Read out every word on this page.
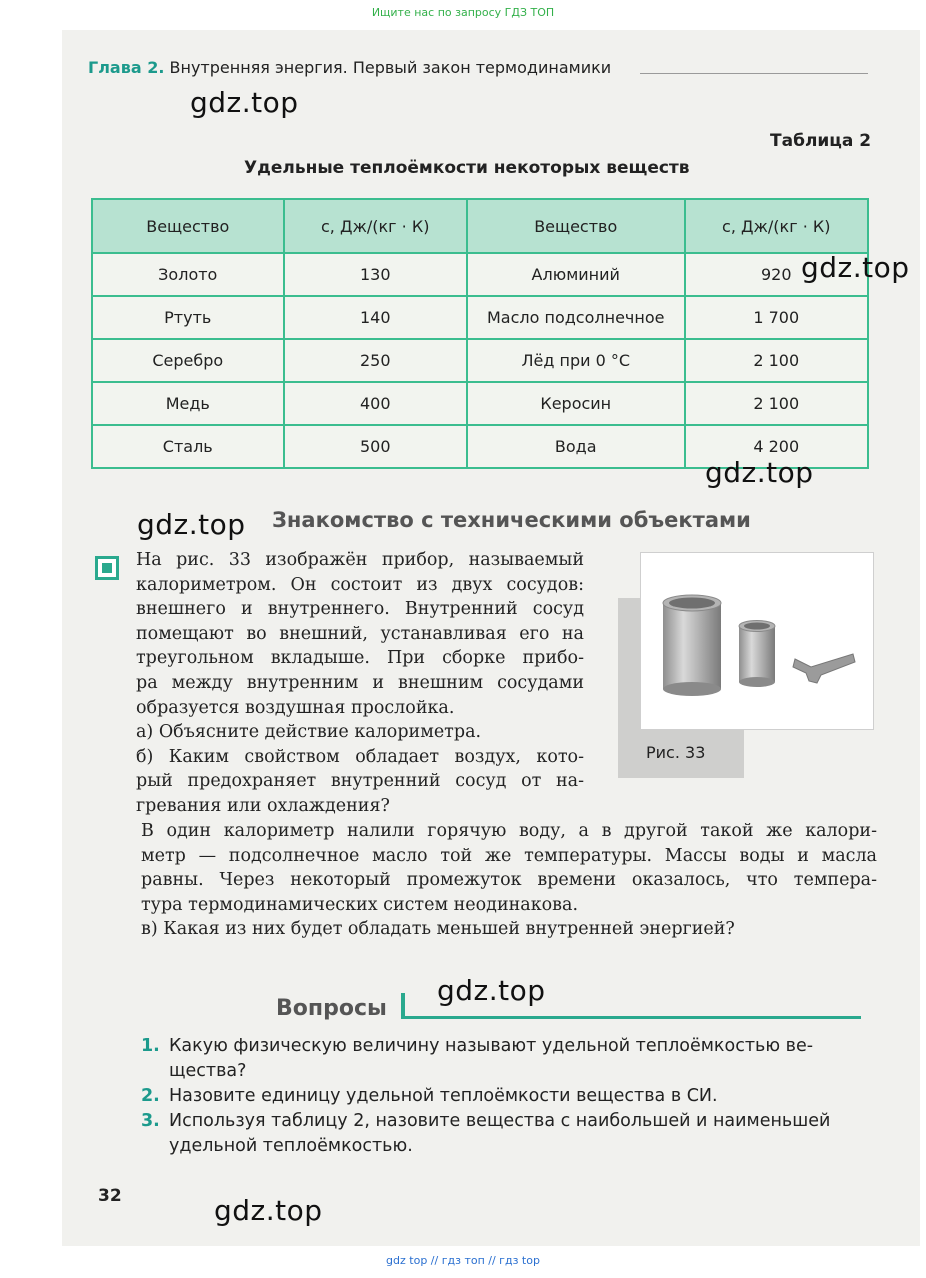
Ищите нас по запросу ГДЗ ТОП
Глава 2. Внутренняя энергия. Первый закон термодинамики
gdz.top
Таблица 2
Удельные теплоёмкости некоторых веществ
Вещество	c, Дж/(кг · К)	Вещество	c, Дж/(кг · К)
Золото	130	Алюминий	920
Ртуть	140	Масло подсолнечное	1 700
Серебро	250	Лёд при 0 °С	2 100
Медь	400	Керосин	2 100
Сталь	500	Вода	4 200
gdz.top
gdz.top
gdz.top Знакомство с техническими объектами
На рис. 33 изображён прибор, называемый
калориметром. Он состоит из двух сосудов:
внешнего и внутреннего. Внутренний сосуд
помещают во внешний, устанавливая его на
треугольном вкладыше. При сборке прибо-
ра между внутренним и внешним сосудами
образуется воздушная прослойка.
а) Объясните действие калориметра.
б) Каким свойством обладает воздух, кото-
рый предохраняет внутренний сосуд от на-
гревания или охлаждения?
Рис. 33
В один калориметр налили горячую воду, а в другой такой же калори-
метр — подсолнечное масло той же температуры. Массы воды и масла
равны. Через некоторый промежуток времени оказалось, что темпера-
тура термодинамических систем неодинакова.
в) Какая из них будет обладать меньшей внутренней энергией?
gdz.top
Вопросы
1. Какую физическую величину называют удельной теплоёмкостью ве-щества?
2. Назовите единицу удельной теплоёмкости вещества в СИ.
3. Используя таблицу 2, назовите вещества с наибольшей и наименьшей удельной теплоёмкостью.
32	gdz.top
gdz top // гдз топ // гдз top
